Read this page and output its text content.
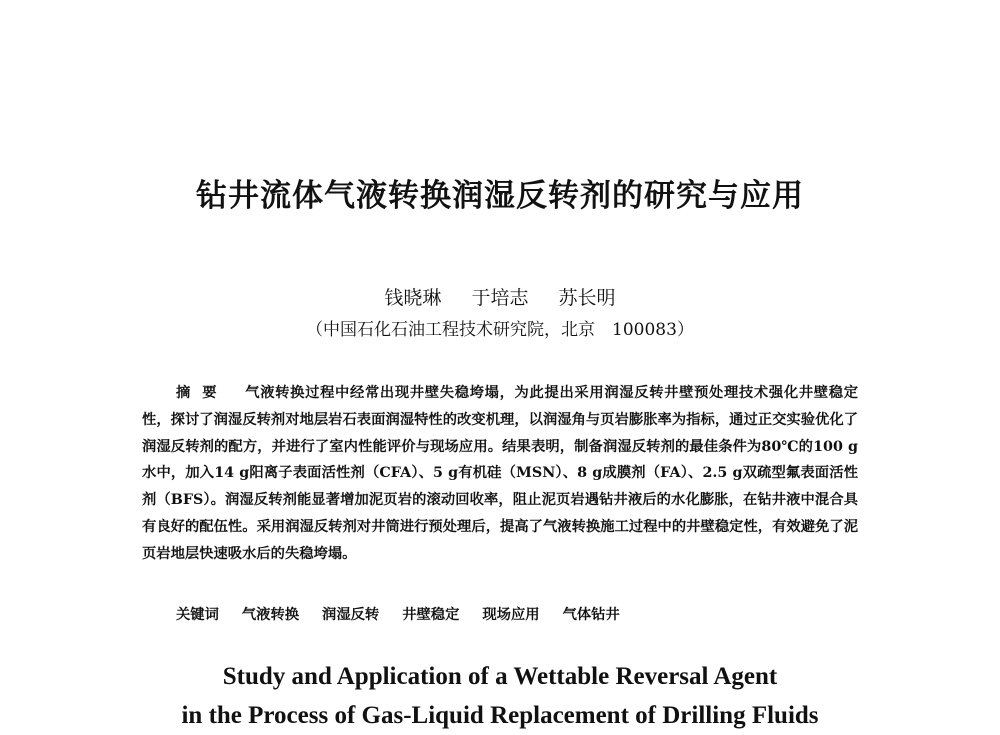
钻井流体气液转换润湿反转剂的研究与应用
钱晓琳 于培志 苏长明
（中国石化石油工程技术研究院，北京　100083）
摘要 气液转换过程中经常出现井壁失稳垮塌，为此提出采用润湿反转井壁预处理技术强化井壁稳定性，探讨了润湿反转剂对地层岩石表面润湿特性的改变机理，以润湿角与页岩膨胀率为指标，通过正交实验优化了润湿反转剂的配方，并进行了室内性能评价与现场应用。结果表明，制备润湿反转剂的最佳条件为80℃的100 g水中，加入14 g阳离子表面活性剂（CFA）、5 g有机硅（MSN）、8 g成膜剂（FA）、2.5 g双疏型氟表面活性剂（BFS）。润湿反转剂能显著增加泥页岩的滚动回收率，阻止泥页岩遇钻井液后的水化膨胀，在钻井液中混合具有良好的配伍性。采用润湿反转剂对井筒进行预处理后，提高了气液转换施工过程中的井壁稳定性，有效避免了泥页岩地层快速吸水后的失稳垮塌。
关键词 气液转换 润湿反转 井壁稳定 现场应用 气体钻井
Study and Application of a Wettable Reversal Agent
in the Process of Gas-Liquid Replacement of Drilling Fluids
